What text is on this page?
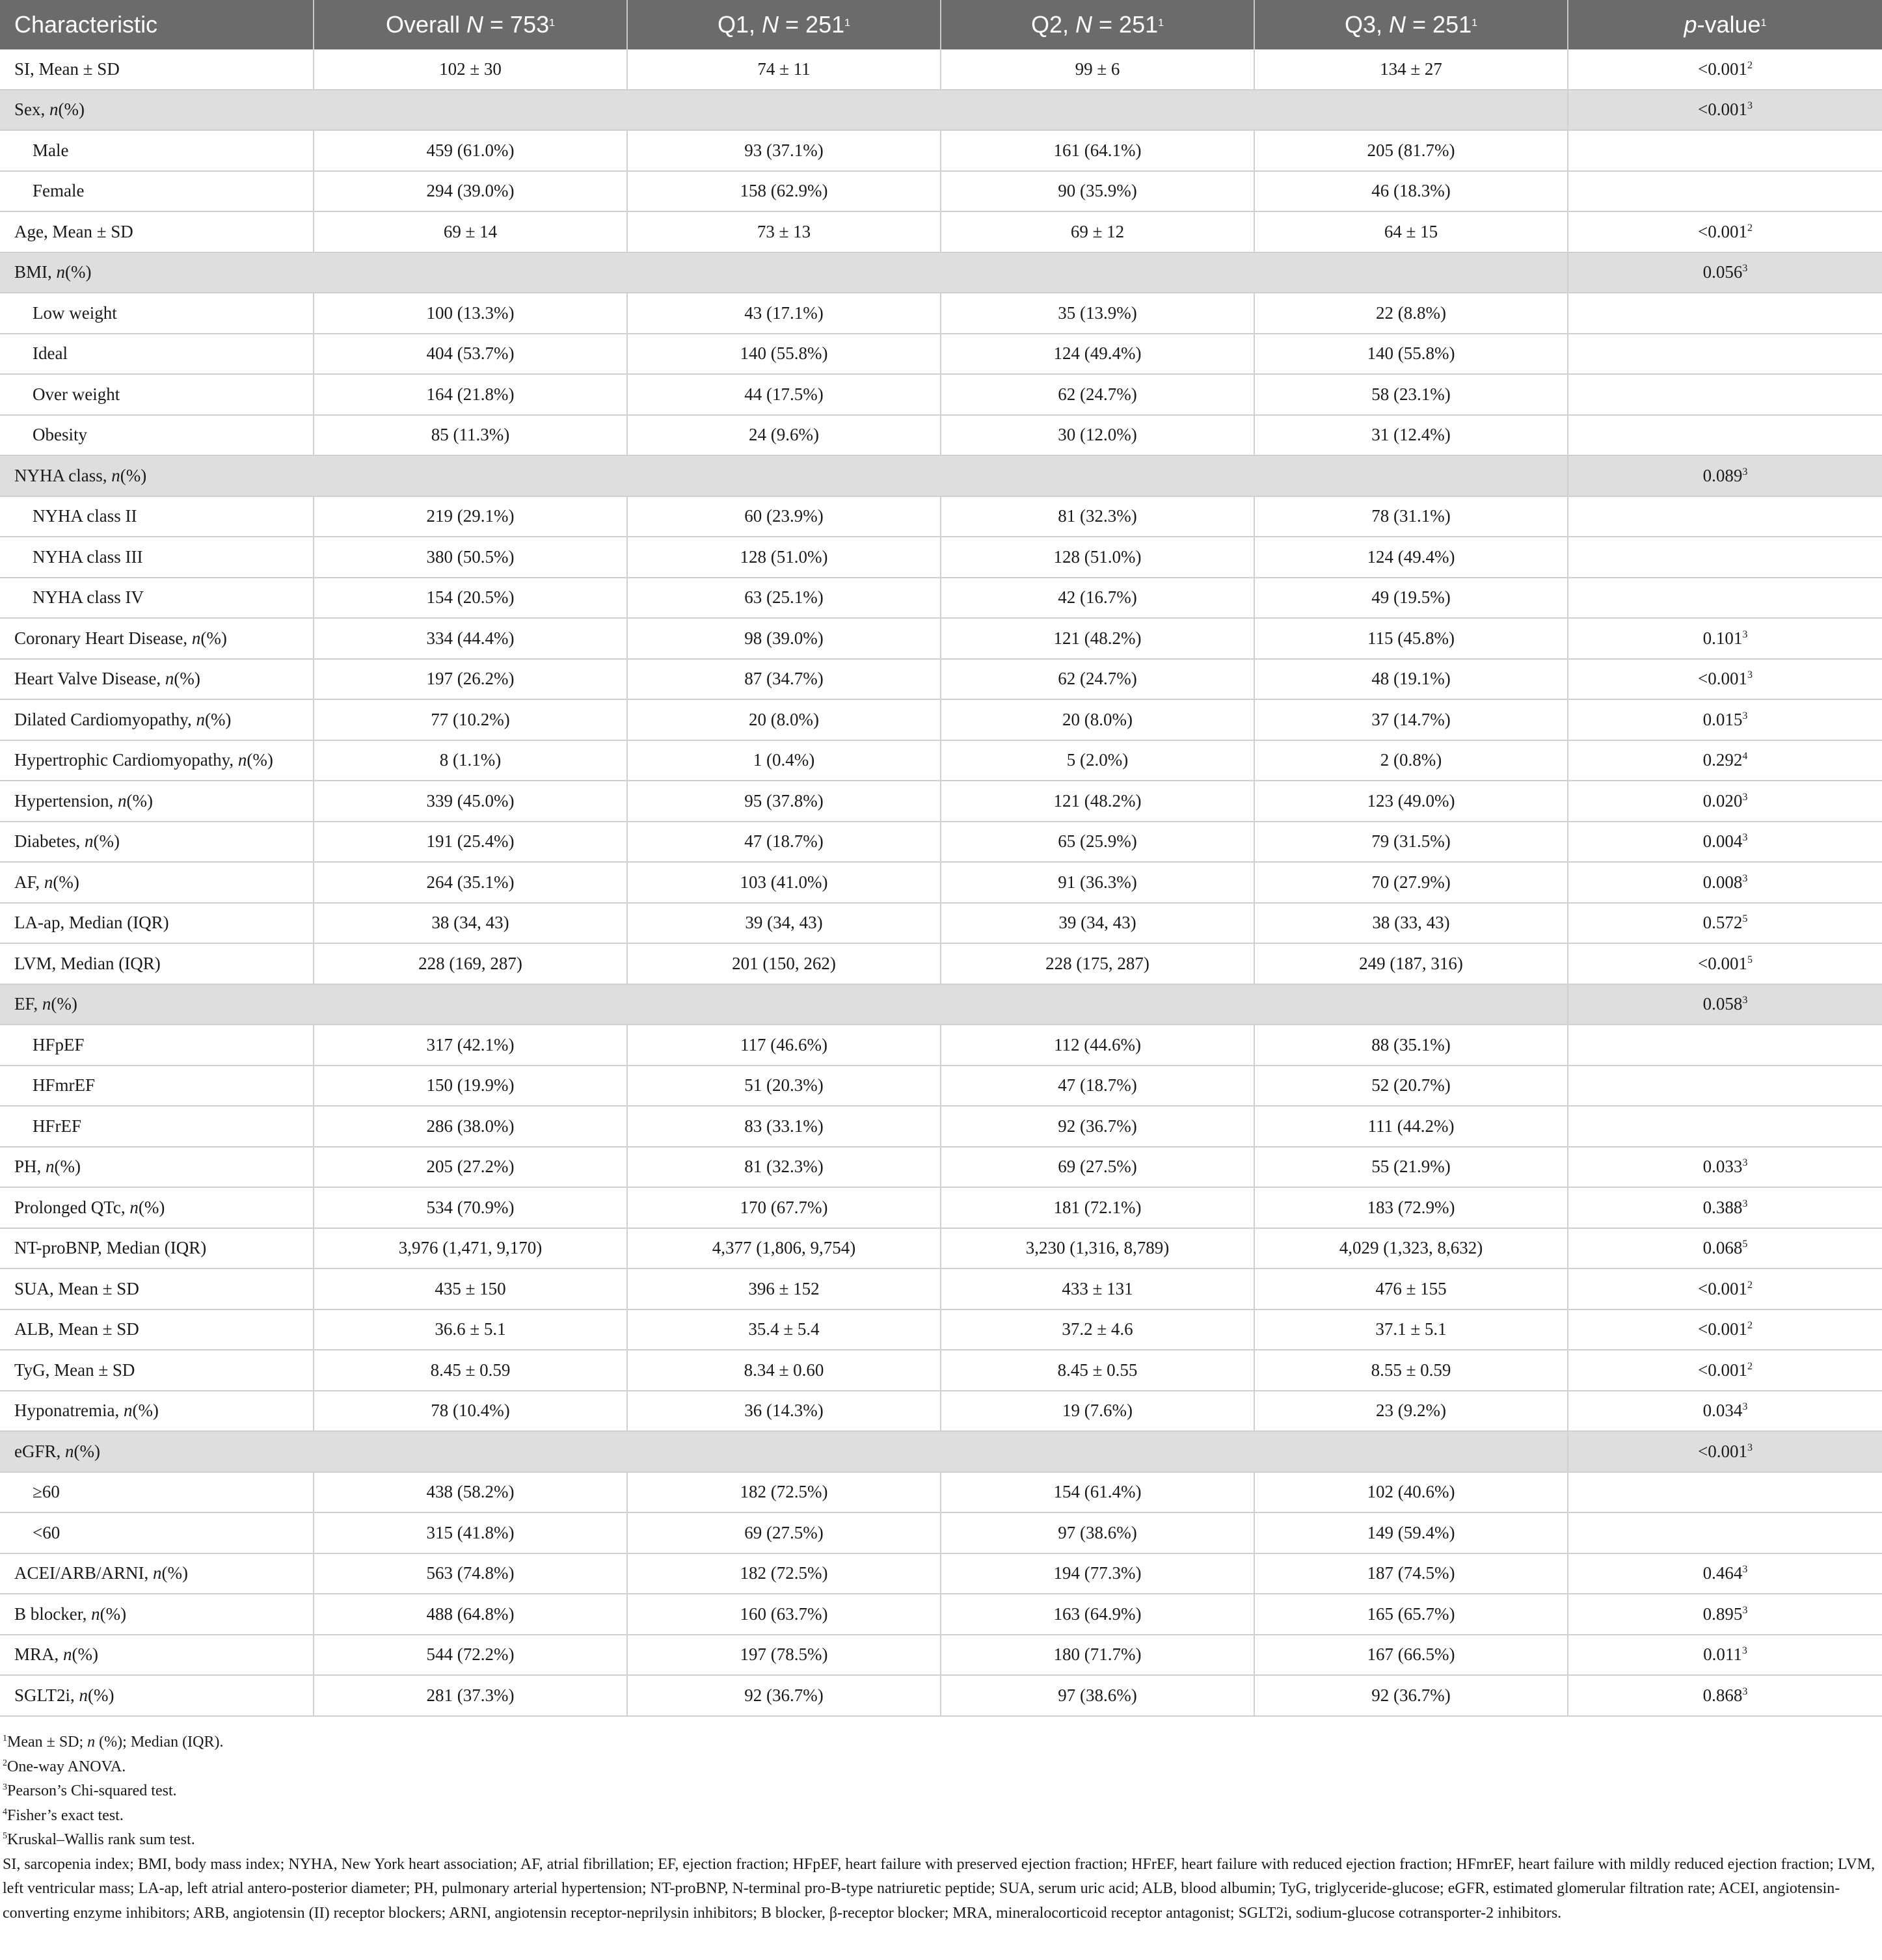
Characteristic	Overall $N = 753^1$	Q1, $N = 251^1$	Q2, $N = 251^1$	Q3, $N = 251^1$	p-value$^1$
SI, Mean ± SD	102 ± 30	74 ± 11	99 ± 6	134 ± 27	$<0.001^2$
Sex, n(%)					$<0.001^3$
Male	459 (61.0%)	93 (37.1%)	161 (64.1%)	205 (81.7%)	
Female	294 (39.0%)	158 (62.9%)	90 (35.9%)	46 (18.3%)	
Age, Mean ± SD	69 ± 14	73 ± 13	69 ± 12	64 ± 15	$<0.001^2$
BMI, n(%)					0.056$^3$
Low weight	100 (13.3%)	43 (17.1%)	35 (13.9%)	22 (8.8%)	
Ideal	404 (53.7%)	140 (55.8%)	124 (49.4%)	140 (55.8%)	
Over weight	164 (21.8%)	44 (17.5%)	62 (24.7%)	58 (23.1%)	
Obesity	85 (11.3%)	24 (9.6%)	30 (12.0%)	31 (12.4%)	
NYHA class, n(%)					0.089$^3$
NYHA class II	219 (29.1%)	60 (23.9%)	81 (32.3%)	78 (31.1%)	
NYHA class III	380 (50.5%)	128 (51.0%)	128 (51.0%)	124 (49.4%)	
NYHA class IV	154 (20.5%)	63 (25.1%)	42 (16.7%)	49 (19.5%)	
Coronary Heart Disease, n(%)	334 (44.4%)	98 (39.0%)	121 (48.2%)	115 (45.8%)	0.101$^3$
Heart Valve Disease, n(%)	197 (26.2%)	87 (34.7%)	62 (24.7%)	48 (19.1%)	$<0.001^3$
Dilated Cardiomyopathy, n(%)	77 (10.2%)	20 (8.0%)	20 (8.0%)	37 (14.7%)	0.015$^3$
Hypertrophic Cardiomyopathy, n(%)	8 (1.1%)	1 (0.4%)	5 (2.0%)	2 (0.8%)	0.292$^4$
Hypertension, n(%)	339 (45.0%)	95 (37.8%)	121 (48.2%)	123 (49.0%)	0.020$^3$
Diabetes, n(%)	191 (25.4%)	47 (18.7%)	65 (25.9%)	79 (31.5%)	0.004$^3$
AF, n(%)	264 (35.1%)	103 (41.0%)	91 (36.3%)	70 (27.9%)	0.008$^3$
LA-ap, Median (IQR)	38 (34, 43)	39 (34, 43)	39 (34, 43)	38 (33, 43)	0.572$^5$
LVM, Median (IQR)	228 (169, 287)	201 (150, 262)	228 (175, 287)	249 (187, 316)	$<0.001^5$
EF, n(%)					0.058$^3$
HFpEF	317 (42.1%)	117 (46.6%)	112 (44.6%)	88 (35.1%)	
HFmrEF	150 (19.9%)	51 (20.3%)	47 (18.7%)	52 (20.7%)	
HFrEF	286 (38.0%)	83 (33.1%)	92 (36.7%)	111 (44.2%)	
PH, n(%)	205 (27.2%)	81 (32.3%)	69 (27.5%)	55 (21.9%)	0.033$^3$
Prolonged QTc, n(%)	534 (70.9%)	170 (67.7%)	181 (72.1%)	183 (72.9%)	0.388$^3$
NT-proBNP, Median (IQR)	3,976 (1,471, 9,170)	4,377 (1,806, 9,754)	3,230 (1,316, 8,789)	4,029 (1,323, 8,632)	0.068$^5$
SUA, Mean ± SD	435 ± 150	396 ± 152	433 ± 131	476 ± 155	$<0.001^2$
ALB, Mean ± SD	36.6 ± 5.1	35.4 ± 5.4	37.2 ± 4.6	37.1 ± 5.1	$<0.001^2$
TyG, Mean ± SD	8.45 ± 0.59	8.34 ± 0.60	8.45 ± 0.55	8.55 ± 0.59	$<0.001^2$
Hyponatremia, n(%)	78 (10.4%)	36 (14.3%)	19 (7.6%)	23 (9.2%)	0.034$^3$
eGFR, n(%)					$<0.001^3$
≥60	438 (58.2%)	182 (72.5%)	154 (61.4%)	102 (40.6%)	
<60	315 (41.8%)	69 (27.5%)	97 (38.6%)	149 (59.4%)	
ACEI/ARB/ARNI, n(%)	563 (74.8%)	182 (72.5%)	194 (77.3%)	187 (74.5%)	0.464$^3$
B blocker, n(%)	488 (64.8%)	160 (63.7%)	163 (64.9%)	165 (65.7%)	0.895$^3$
MRA, n(%)	544 (72.2%)	197 (78.5%)	180 (71.7%)	167 (66.5%)	0.011$^3$
SGLT2i, n(%)	281 (37.3%)	92 (36.7%)	97 (38.6%)	92 (36.7%)	0.868$^3$

$^1$Mean ± SD; n (%); Median (IQR).

$^2$One-way ANOVA.

$^3$Pearson’s Chi-squared test.

$^4$Fisher’s exact test.

$^5$Kruskal–Wallis rank sum test.

SI, sarcopenia index; BMI, body mass index; NYHA, New York heart association; AF, atrial fibrillation; EF, ejection fraction; HFpEF, heart failure with preserved ejection fraction; HFrEF, heart failure with reduced ejection fraction; HFmrEF, heart failure with mildly reduced ejection fraction; LVM, left ventricular mass; LA-ap, left atrial antero-posterior diameter; PH, pulmonary arterial hypertension; NT-proBNP, N-terminal pro-B-type natriuretic peptide; SUA, serum uric acid; ALB, blood albumin; TyG, triglyceride-glucose; eGFR, estimated glomerular filtration rate; ACEI, angiotensin-converting enzyme inhibitors; ARB, angiotensin (II) receptor blockers; ARNI, angiotensin receptor-neprilysin inhibitors; B blocker, β-receptor blocker; MRA, mineralocorticoid receptor antagonist; SGLT2i, sodium-glucose cotransporter-2 inhibitors.
